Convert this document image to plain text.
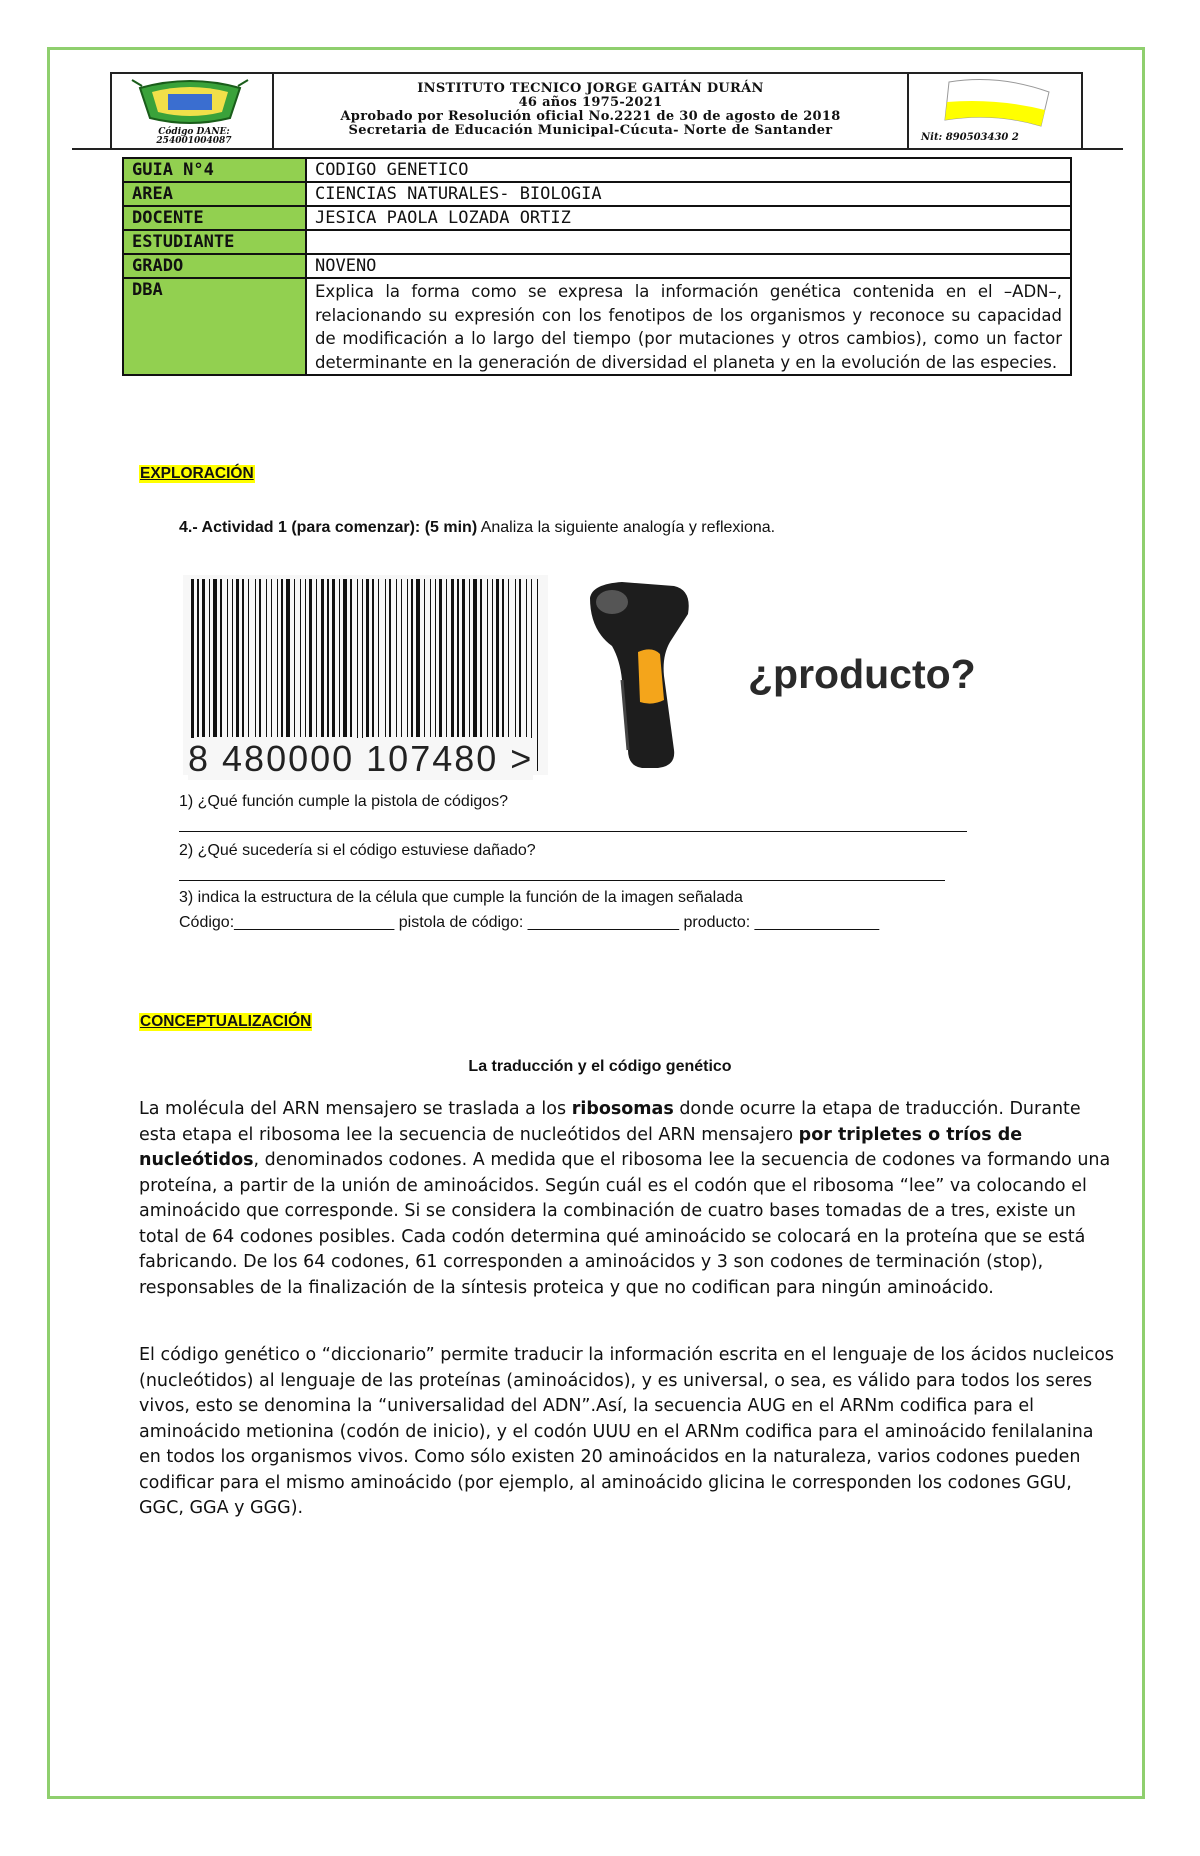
Código DANE:
254001004087
INSTITUTO TECNICO JORGE GAITÁN DURÁN
46 años 1975-2021
Aprobado por Resolución oficial No.2221 de 30 de agosto de 2018
Secretaria de Educación Municipal-Cúcuta- Norte de Santander	Nit: 890503430 2
GUIA N°4	CODIGO GENETICO
AREA	CIENCIAS NATURALES- BIOLOGIA
DOCENTE	JESICA PAOLA LOZADA ORTIZ
ESTUDIANTE	
GRADO	NOVENO
DBA	Explica la forma como se expresa la información genética contenida en el –ADN–, relacionando su expresión con los fenotipos de los organismos y reconoce su capacidad de modificación a lo largo del tiempo (por mutaciones y otros cambios), como un factor determinante en la generación de diversidad el planeta y en la evolución de las especies.
EXPLORACIÓN
4.- Actividad 1 (para comenzar): (5 min) Analiza la siguiente analogía y reflexiona.
8 480000 107480 >
¿producto?
1) ¿Qué función cumple la pistola de códigos?
2) ¿Qué sucedería si el código estuviese dañado?
3) indica la estructura de la célula que cumple la función de la imagen señalada
Código:__________________ pistola de código: _________________ producto: ______________
CONCEPTUALIZACIÓN
La traducción y el código genético
La molécula del ARN mensajero se traslada a los ribosomas donde ocurre la etapa de traducción. Durante esta etapa el ribosoma lee la secuencia de nucleótidos del ARN mensajero por tripletes o tríos de nucleótidos, denominados codones. A medida que el ribosoma lee la secuencia de codones va formando una proteína, a partir de la unión de aminoácidos. Según cuál es el codón que el ribosoma “lee” va colocando el aminoácido que corresponde. Si se considera la combinación de cuatro bases tomadas de a tres, existe un total de 64 codones posibles. Cada codón determina qué aminoácido se colocará en la proteína que se está fabricando. De los 64 codones, 61 corresponden a aminoácidos y 3 son codones de terminación (stop), responsables de la finalización de la síntesis proteica y que no codifican para ningún aminoácido.
El código genético o “diccionario” permite traducir la información escrita en el lenguaje de los ácidos nucleicos (nucleótidos) al lenguaje de las proteínas (aminoácidos), y es universal, o sea, es válido para todos los seres vivos, esto se denomina la “universalidad del ADN”.Así, la secuencia AUG en el ARNm codifica para el aminoácido metionina (codón de inicio), y el codón UUU en el ARNm codifica para el aminoácido fenilalanina en todos los organismos vivos. Como sólo existen 20 aminoácidos en la naturaleza, varios codones pueden codificar para el mismo aminoácido (por ejemplo, al aminoácido glicina le corresponden los codones GGU, GGC, GGA y GGG).
